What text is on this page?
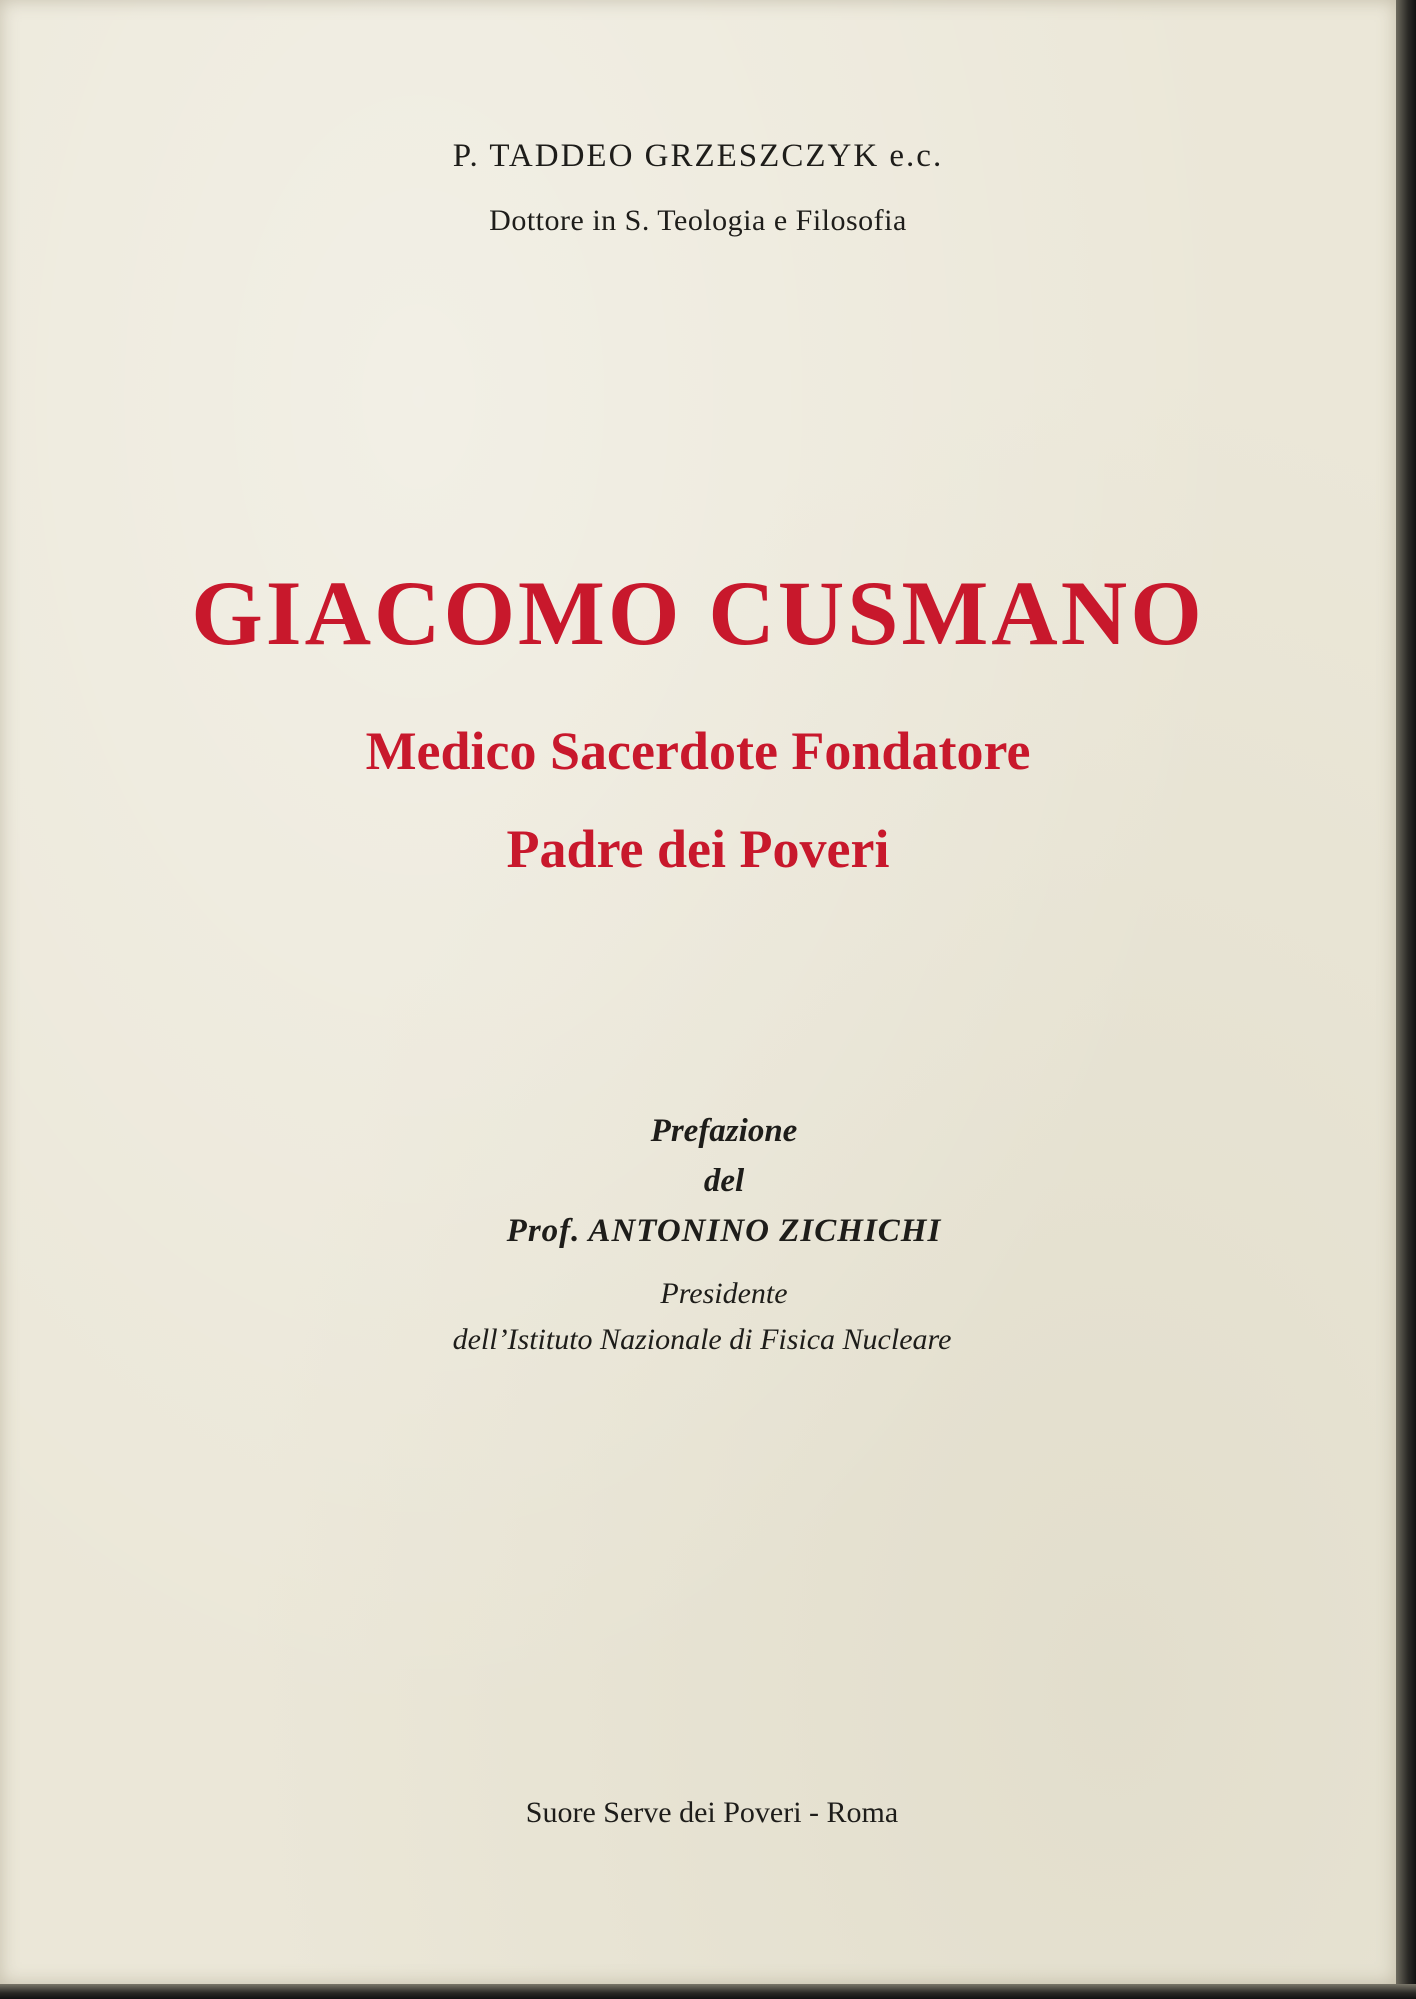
P. TADDEO GRZESZCZYK e.c.
Dottore in S. Teologia e Filosofia
GIACOMO CUSMANO
Medico Sacerdote Fondatore
Padre dei Poveri
Prefazione
del
Prof. ANTONINO ZICHICHI
Presidente
dell’Istituto Nazionale di Fisica Nucleare
Suore Serve dei Poveri - Roma
